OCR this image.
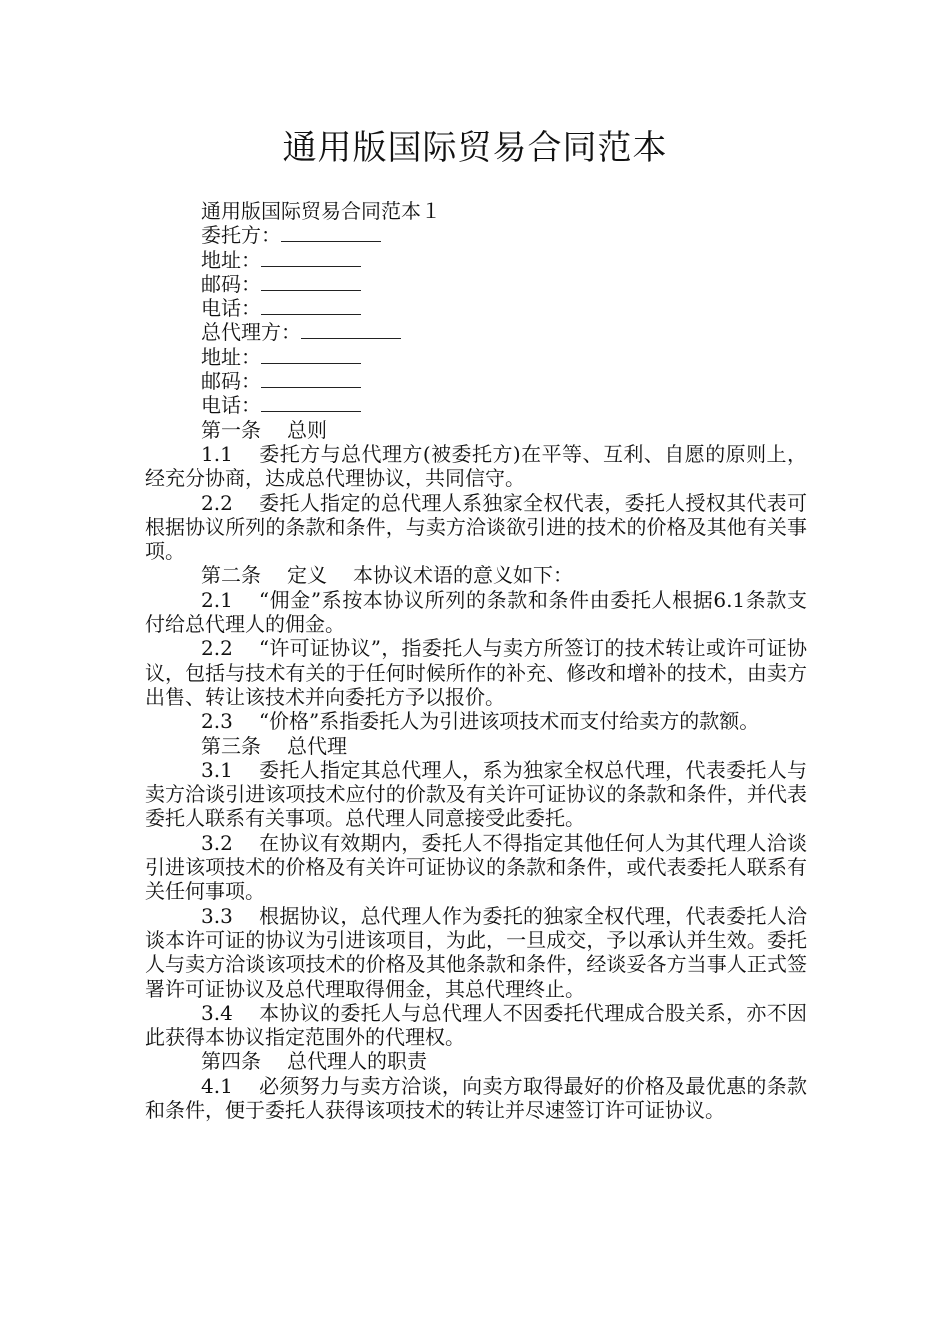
通用版国际贸易合同范本
通用版国际贸易合同范本１
委托方：
地址：
邮码：
电话：
总代理方：
地址：
邮码：
电话：
第一条 总则
1.1 委托方与总代理方(被委托方)在平等、互利、自愿的原则上，经充分协商，达成总代理协议，共同信守。
2.2 委托人指定的总代理人系独家全权代表，委托人授权其代表可根据协议所列的条款和条件，与卖方洽谈欲引进的技术的价格及其他有关事项。
第二条 定义 本协议术语的意义如下：
2.1 “佣金”系按本协议所列的条款和条件由委托人根据6.1条款支付给总代理人的佣金。
2.2 “许可证协议”，指委托人与卖方所签订的技术转让或许可证协议，包括与技术有关的于任何时候所作的补充、修改和增补的技术，由卖方出售、转让该技术并向委托方予以报价。
2.3 “价格”系指委托人为引进该项技术而支付给卖方的款额。
第三条 总代理
3.1 委托人指定其总代理人，系为独家全权总代理，代表委托人与卖方洽谈引进该项技术应付的价款及有关许可证协议的条款和条件，并代表委托人联系有关事项。总代理人同意接受此委托。
3.2 在协议有效期内，委托人不得指定其他任何人为其代理人洽谈引进该项技术的价格及有关许可证协议的条款和条件，或代表委托人联系有关任何事项。
3.3 根据协议，总代理人作为委托的独家全权代理，代表委托人洽谈本许可证的协议为引进该项目，为此，一旦成交，予以承认并生效。委托人与卖方洽谈该项技术的价格及其他条款和条件，经谈妥各方当事人正式签署许可证协议及总代理取得佣金，其总代理终止。
3.4 本协议的委托人与总代理人不因委托代理成合股关系，亦不因此获得本协议指定范围外的代理权。
第四条 总代理人的职责
4.1 必须努力与卖方洽谈，向卖方取得最好的价格及最优惠的条款和条件，便于委托人获得该项技术的转让并尽速签订许可证协议。
